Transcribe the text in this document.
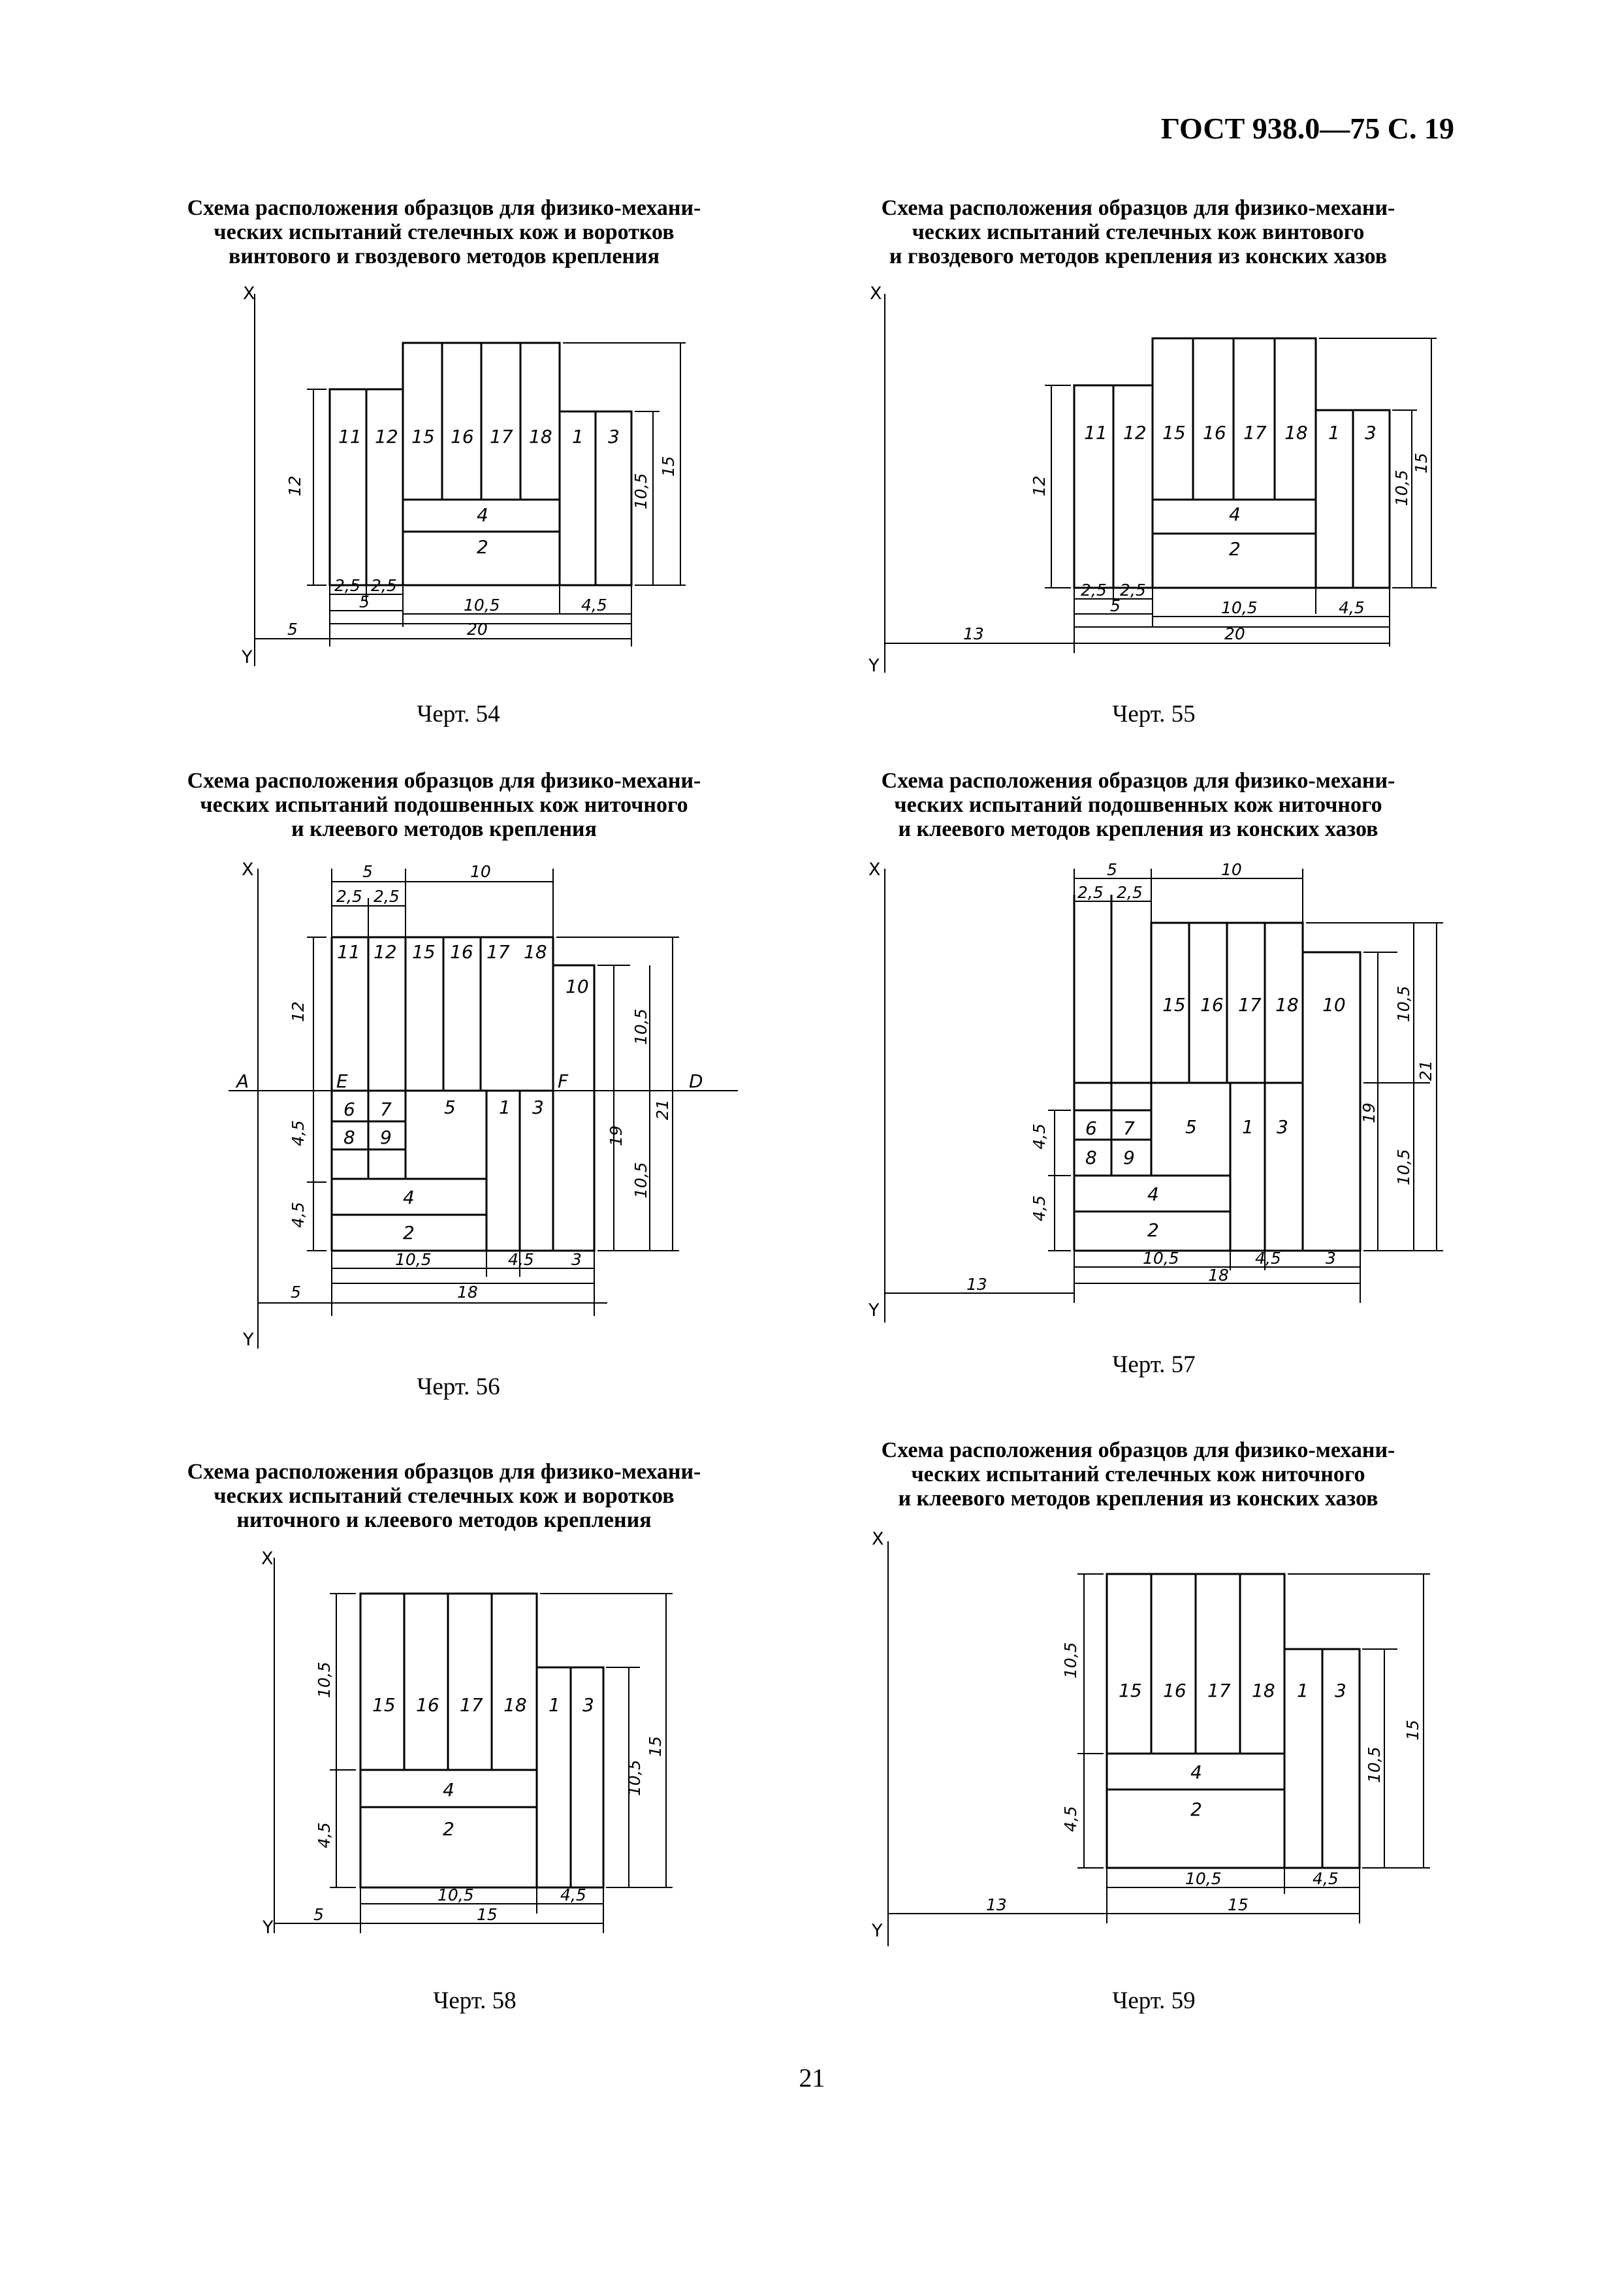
ГОСТ 938.0—75 С. 19
Схема расположения образцов для физико-механи-
ческих испытаний стелечных кож и воротков
винтового и гвоздевого методов крепления
X
Y
11 12 15 16 17 18 1 3
4
2
12	10,5
15
2,5 2,5
5	10,5	4,5
5	20
Черт. 54
Схема расположения образцов для физико-механи-
ческих испытаний стелечных кож винтового
и гвоздевого методов крепления из конских хазов
X
Y
11 12 15 16 17 18 1 3
4
2
12	10,5
15
2,5 2,5
5	10,5	4,5
13	20
Черт. 55
Схема расположения образцов для физико-механи-
ческих испытаний подошвенных кож ниточного
и клеевого методов крепления
X
Y
11 12 15 16 17 18
10
5 1 3
6 7
8 9
4
2
A	E	F	D
5	10
2,5 2,5
12
4,5
4,5
10,5
10,5
19
21
10,5	4,5 3
5	18
Черт. 56
Схема расположения образцов для физико-механи-
ческих испытаний подошвенных кож ниточного
и клеевого методов крепления из конских хазов
X
Y
15 16 17 18 10
5 1 3
6 7
8 9
4
2
5	10
2,5 2,5
4,5
4,5
10,5
10,5
19
21
10,5	4,5	3
13	18
Черт. 57
Схема расположения образцов для физико-механи-
ческих испытаний стелечных кож и воротков
ниточного и клеевого методов крепления
X
Y
15 16 17 18 1 3
4
2
10,5
4,5
10,5
15
10,5	4,5
5	15
Черт. 58
Схема расположения образцов для физико-механи-
ческих испытаний стелечных кож ниточного
и клеевого методов крепления из конских хазов
X
Y
15 16 17 18 1 3
4
2
10,5
4,5
10,5
15
10,5	4,5
13	15
Черт. 59
21
